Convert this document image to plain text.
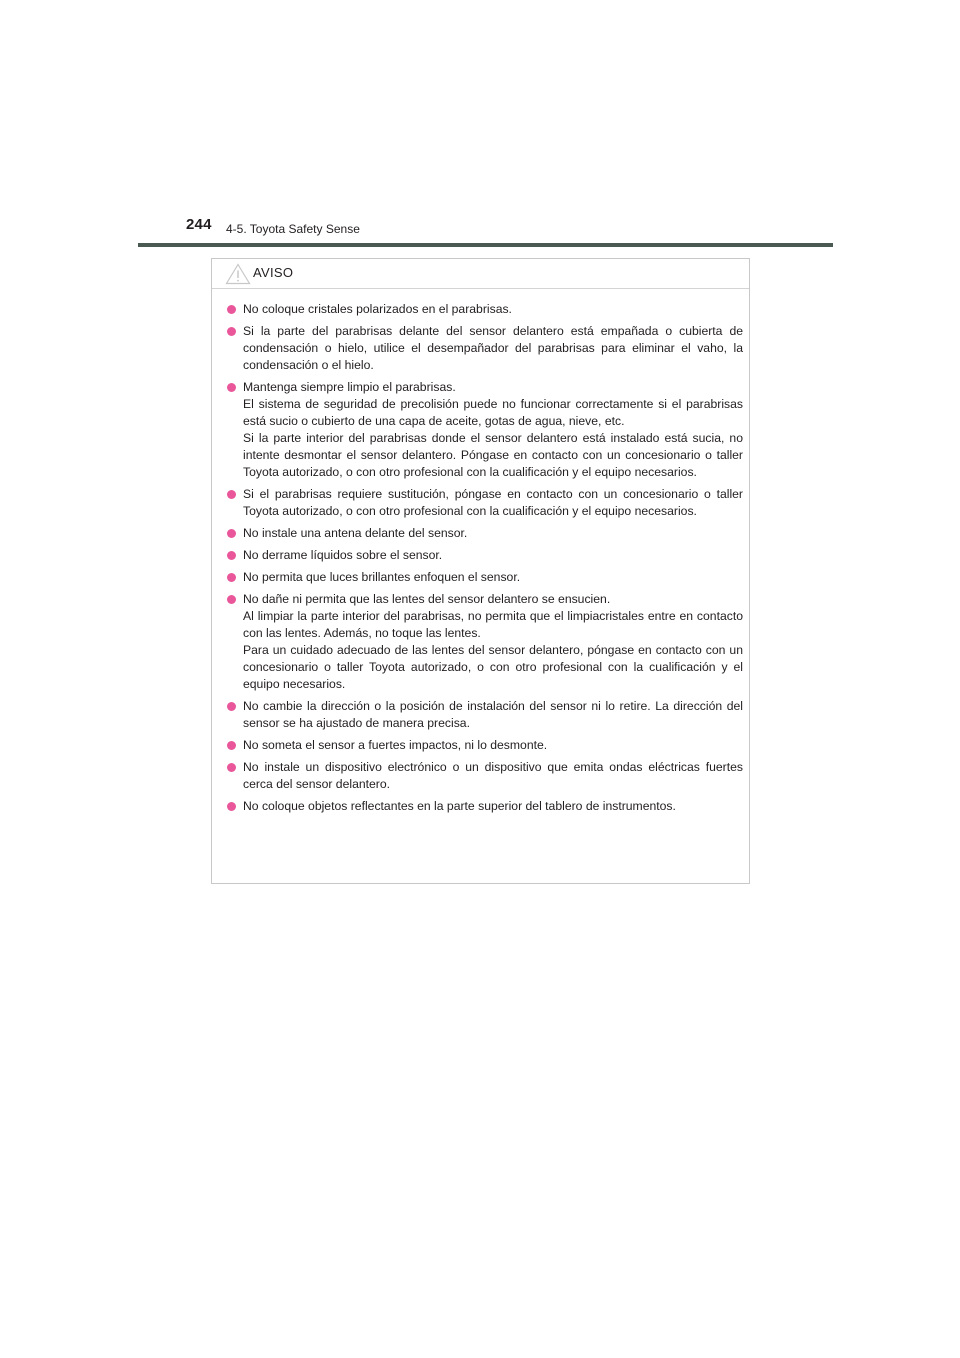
244 4-5. Toyota Safety Sense
AVISO
No coloque cristales polarizados en el parabrisas.
Si la parte del parabrisas delante del sensor delantero está empañada o cubierta de condensación o hielo, utilice el desempañador del parabrisas para eliminar el vaho, la condensación o el hielo.
Mantenga siempre limpio el parabrisas.
El sistema de seguridad de precolisión puede no funcionar correctamente si el parabrisas está sucio o cubierto de una capa de aceite, gotas de agua, nieve, etc.
Si la parte interior del parabrisas donde el sensor delantero está instalado está sucia, no intente desmontar el sensor delantero. Póngase en contacto con un concesionario o taller Toyota autorizado, o con otro profesional con la cualificación y el equipo necesarios.
Si el parabrisas requiere sustitución, póngase en contacto con un concesionario o taller Toyota autorizado, o con otro profesional con la cualificación y el equipo necesarios.
No instale una antena delante del sensor.
No derrame líquidos sobre el sensor.
No permita que luces brillantes enfoquen el sensor.
No dañe ni permita que las lentes del sensor delantero se ensucien.
Al limpiar la parte interior del parabrisas, no permita que el limpiacristales entre en contacto con las lentes. Además, no toque las lentes.
Para un cuidado adecuado de las lentes del sensor delantero, póngase en contacto con un concesionario o taller Toyota autorizado, o con otro profesional con la cualificación y el equipo necesarios.
No cambie la dirección o la posición de instalación del sensor ni lo retire. La dirección del sensor se ha ajustado de manera precisa.
No someta el sensor a fuertes impactos, ni lo desmonte.
No instale un dispositivo electrónico o un dispositivo que emita ondas eléctricas fuertes cerca del sensor delantero.
No coloque objetos reflectantes en la parte superior del tablero de instrumentos.
